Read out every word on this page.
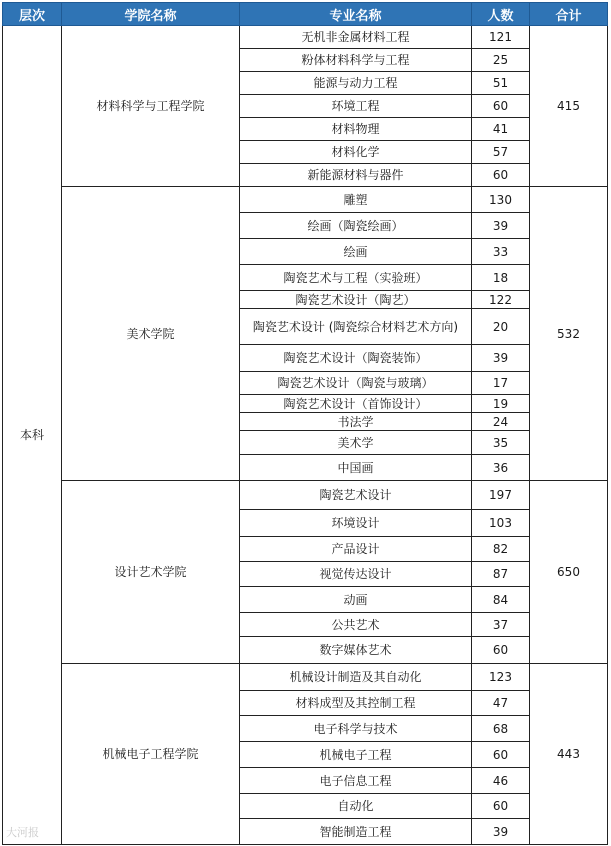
层次	学院名称	专业名称	人数	合计
本科	材料科学与工程学院	无机非金属材料工程	121	415
		粉体材料科学与工程	25	
		能源与动力工程	51	
		环境工程	60	
		材料物理	41	
		材料化学	57	
		新能源材料与器件	60	
	美术学院	雕塑	130	532
		绘画（陶瓷绘画）	39	
		绘画	33	
		陶瓷艺术与工程（实验班）	18	
		陶瓷艺术设计（陶艺）	122	
		陶瓷艺术设计 (陶瓷综合材料艺术方向)	20	
		陶瓷艺术设计（陶瓷装饰）	39	
		陶瓷艺术设计（陶瓷与玻璃）	17	
		陶瓷艺术设计（首饰设计）	19	
		书法学	24	
		美术学	35	
		中国画	36	
	设计艺术学院	陶瓷艺术设计	197	650
		环境设计	103	
		产品设计	82	
		视觉传达设计	87	
		动画	84	
		公共艺术	37	
		数字媒体艺术	60	
	机械电子工程学院	机械设计制造及其自动化	123	443
		材料成型及其控制工程	47	
		电子科学与技术	68	
		机械电子工程	60	
		电子信息工程	46	
		自动化	60	
		智能制造工程	39	
大河报
